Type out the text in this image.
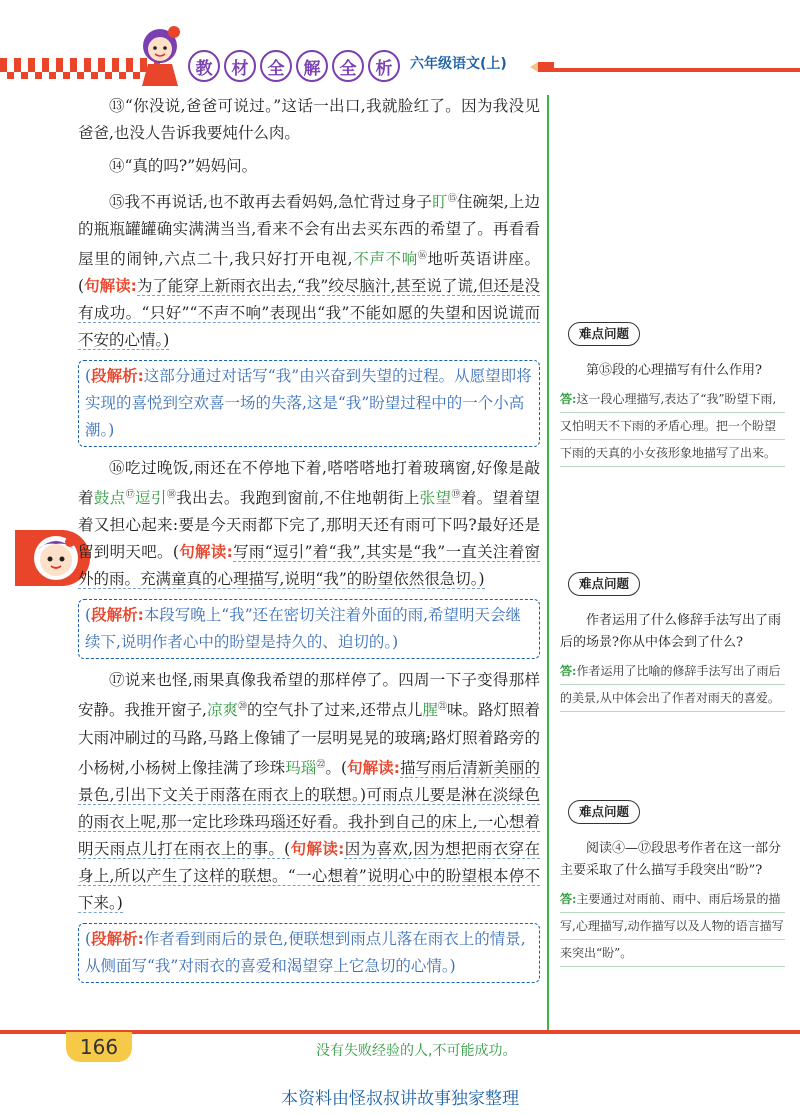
教	材	全	解	全	析	六年级语文(上)

⑬“你没说,爸爸可说过。”这话一出口,我就脸红了。因为我没见爸爸,也没人告诉我要炖什么肉。

⑭“真的吗?”妈妈问。

⑮我不再说话,也不敢再去看妈妈,急忙背过身子盯⑮住碗架,上边的瓶瓶罐罐确实满满当当,看来不会有出去买东西的希望了。再看看屋里的闹钟,六点二十,我只好打开电视,不声不响⑯地听英语讲座。(句解读:为了能穿上新雨衣出去,“我”绞尽脑汁,甚至说了谎,但还是没有成功。“只好”“不声不响”表现出“我”不能如愿的失望和因说谎而不安的心情。)

(段解析:这部分通过对话写“我”由兴奋到失望的过程。从愿望即将实现的喜悦到空欢喜一场的失落,这是“我”盼望过程中的一个小高潮。)

⑯吃过晚饭,雨还在不停地下着,嗒嗒嗒地打着玻璃窗,好像是敲着鼓点⑰逗引⑱我出去。我跑到窗前,不住地朝街上张望⑲着。望着望着又担心起来:要是今天雨都下完了,那明天还有雨可下吗?最好还是留到明天吧。(句解读:写雨“逗引”着“我”,其实是“我”一直关注着窗外的雨。充满童真的心理描写,说明“我”的盼望依然很急切。)

(段解析:本段写晚上“我”还在密切关注着外面的雨,希望明天会继续下,说明作者心中的盼望是持久的、迫切的。)

⑰说来也怪,雨果真像我希望的那样停了。四周一下子变得那样安静。我推开窗子,凉爽⑳的空气扑了过来,还带点儿腥$^㉑$味。路灯照着大雨冲刷过的马路,马路上像铺了一层明晃晃的玻璃;路灯照着路旁的小杨树,小杨树上像挂满了珍珠玛瑙$^㉒$。(句解读:描写雨后清新美丽的景色,引出下文关于雨落在雨衣上的联想。)可雨点儿要是淋在淡绿色的雨衣上呢,那一定比珍珠玛瑙还好看。我扑到自己的床上,一心想着明天雨点儿打在雨衣上的事。(句解读:因为喜欢,因为想把雨衣穿在身上,所以产生了这样的联想。“一心想着”说明心中的盼望根本停不下来。)

(段解析:作者看到雨后的景色,便联想到雨点儿落在雨衣上的情景,从侧面写“我”对雨衣的喜爱和渴望穿上它急切的心情。)
难点问题
第⑮段的心理描写有什么作用?
答:这一段心理描写,表达了“我”盼望下雨,又怕明天不下雨的矛盾心理。把一个盼望下雨的天真的小女孩形象地描写了出来。
难点问题
作者运用了什么修辞手法写出了雨后的场景?你从中体会到了什么?
答:作者运用了比喻的修辞手法写出了雨后的美景,从中体会出了作者对雨天的喜爱。
难点问题
阅读④—⑰段思考作者在这一部分主要采取了什么描写手段突出“盼”?
答:主要通过对雨前、雨中、雨后场景的描写,心理描写,动作描写以及人物的语言描写来突出“盼”。
166	没有失败经验的人,不可能成功。
本资料由怪叔叔讲故事独家整理
